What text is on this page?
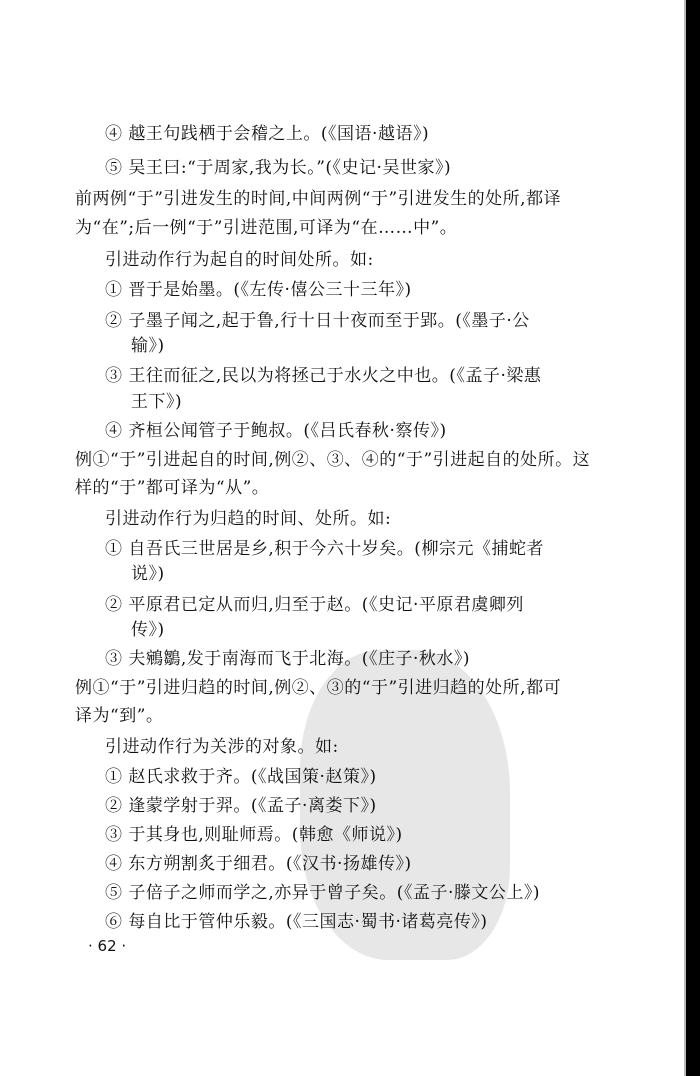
PDG
④ 越王句践栖于会稽之上。(《国语·越语》)
⑤ 吴王曰:“于周家,我为长。”(《史记·吴世家》)
前两例“于”引进发生的时间,中间两例“于”引进发生的处所,都译
为“在”;后一例“于”引进范围,可译为“在……中”。
引进动作行为起自的时间处所。如:
① 晋于是始墨。(《左传·僖公三十三年》)
② 子墨子闻之,起于鲁,行十日十夜而至于郢。(《墨子·公
输》)
③ 王往而征之,民以为将拯己于水火之中也。(《孟子·梁惠
王下》)
④ 齐桓公闻管子于鲍叔。(《吕氏春秋·察传》)
例①“于”引进起自的时间,例②、③、④的“于”引进起自的处所。这
样的“于”都可译为“从”。
引进动作行为归趋的时间、处所。如:
① 自吾氏三世居是乡,积于今六十岁矣。(柳宗元《捕蛇者
说》)
② 平原君已定从而归,归至于赵。(《史记·平原君虞卿列
传》)
③ 夫鵷鶵,发于南海而飞于北海。(《庄子·秋水》)
例①“于”引进归趋的时间,例②、③的“于”引进归趋的处所,都可
译为“到”。
引进动作行为关涉的对象。如:
① 赵氏求救于齐。(《战国策·赵策》)
② 逢蒙学射于羿。(《孟子·离娄下》)
③ 于其身也,则耻师焉。(韩愈《师说》)
④ 东方朔割炙于细君。(《汉书·扬雄传》)
⑤ 子倍子之师而学之,亦异于曾子矣。(《孟子·滕文公上》)
⑥ 每自比于管仲乐毅。(《三国志·蜀书·诸葛亮传》)
· 62 ·
